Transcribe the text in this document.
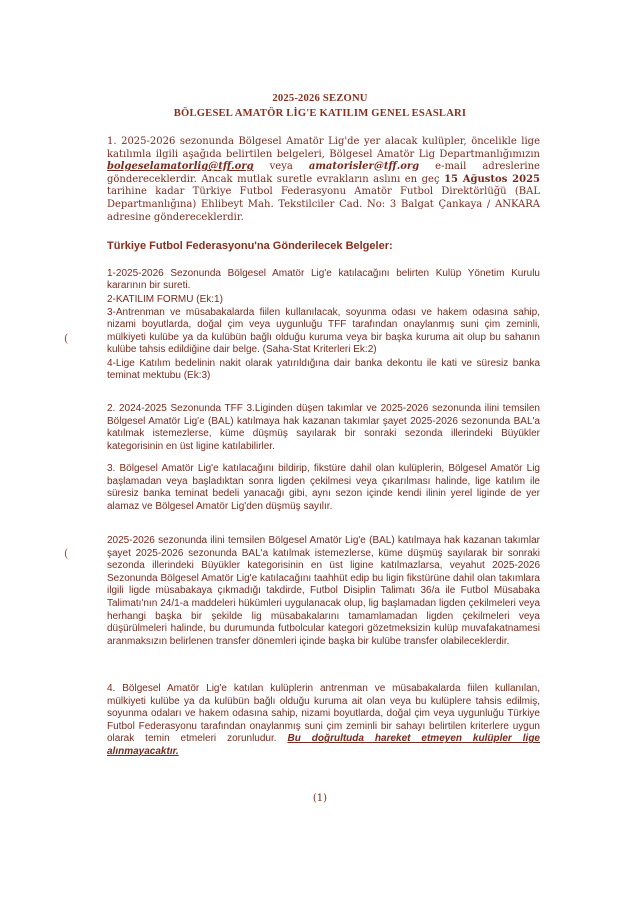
2025-2026 SEZONU
BÖLGESEL AMATÖR LİG'E KATILIM GENEL ESASLARI
1. 2025-2026 sezonunda Bölgesel Amatör Lig'de yer alacak kulüpler, öncelikle lige katılımla ilgili aşağıda belirtilen belgeleri, Bölgesel Amatör Lig Departmanlığımızın bolgeselamatorlig@tff.org veya amatorisler@tff.org e-mail adreslerine göndereceklerdir. Ancak mutlak suretle evrakların aslını en geç 15 Ağustos 2025 tarihine kadar Türkiye Futbol Federasyonu Amatör Futbol Direktörlüğü (BAL Departmanlığına) Ehlibeyt Mah. Tekstilciler Cad. No: 3 Balgat Çankaya / ANKARA adresine göndereceklerdir.
Türkiye Futbol Federasyonu'na Gönderilecek Belgeler:
1-2025-2026 Sezonunda Bölgesel Amatör Lig'e katılacağını belirten Kulüp Yönetim Kurulu kararının bir sureti.
2-KATILIM FORMU (Ek:1)
3-Antrenman ve müsabakalarda fiilen kullanılacak, soyunma odası ve hakem odasına sahip, nizami boyutlarda, doğal çim veya uygunluğu TFF tarafından onaylanmış suni çim zeminli, mülkiyeti kulübe ya da kulübün bağlı olduğu kuruma veya bir başka kuruma ait olup bu sahanın kulübe tahsis edildiğine dair belge. (Saha-Stat Kriterleri Ek:2)
4-Lige Katılım bedelinin nakit olarak yatırıldığına dair banka dekontu ile kati ve süresiz banka teminat mektubu (Ek:3)
(
2. 2024-2025 Sezonunda TFF 3.Liginden düşen takımlar ve 2025-2026 sezonunda ilini temsilen Bölgesel Amatör Lig'e (BAL) katılmaya hak kazanan takımlar şayet 2025-2026 sezonunda BAL'a katılmak istemezlerse, küme düşmüş sayılarak bir sonraki sezonda illerindeki Büyükler kategorisinin en üst ligine katılabilirler.
3. Bölgesel Amatör Lig'e katılacağını bildirip, fikstüre dahil olan kulüplerin, Bölgesel Amatör Lig başlamadan veya başladıktan sonra ligden çekilmesi veya çıkarılması halinde, lige katılım ile süresiz banka teminat bedeli yanacağı gibi, aynı sezon içinde kendi ilinin yerel liginde de yer alamaz ve Bölgesel Amatör Lig'den düşmüş sayılır.
(
2025-2026 sezonunda ilini temsilen Bölgesel Amatör Lig'e (BAL) katılmaya hak kazanan takımlar şayet 2025-2026 sezonunda BAL'a katılmak istemezlerse, küme düşmüş sayılarak bir sonraki sezonda illerindeki Büyükler kategorisinin en üst ligine katılmazlarsa, veyahut 2025-2026 Sezonunda Bölgesel Amatör Lig'e katılacağını taahhüt edip bu ligin fikstürüne dahil olan takımlara ilgili ligde müsabakaya çıkmadığı takdirde, Futbol Disiplin Talimatı 36/a ile Futbol Müsabaka Talimatı'nın 24/1-a maddeleri hükümleri uygulanacak olup, lig başlamadan ligden çekilmeleri veya herhangi başka bir şekilde lig müsabakalarını tamamlamadan ligden çekilmeleri veya düşürülmeleri halinde, bu durumunda futbolcular kategori gözetmeksizin kulüp muvafakatnamesi aranmaksızın belirlenen transfer dönemleri içinde başka bir kulübe transfer olabileceklerdir.
4. Bölgesel Amatör Lig'e katılan kulüplerin antrenman ve müsabakalarda fiilen kullanılan, mülkiyeti kulübe ya da kulübün bağlı olduğu kuruma ait olan veya bu kulüplere tahsis edilmiş, soyunma odaları ve hakem odasına sahip, nizami boyutlarda, doğal çim veya uygunluğu Türkiye Futbol Federasyonu tarafından onaylanmış suni çim zeminli bir sahayı belirtilen kriterlere uygun olarak temin etmeleri zorunludur. Bu doğrultuda hareket etmeyen kulüpler lige alınmayacaktır.
(1)
